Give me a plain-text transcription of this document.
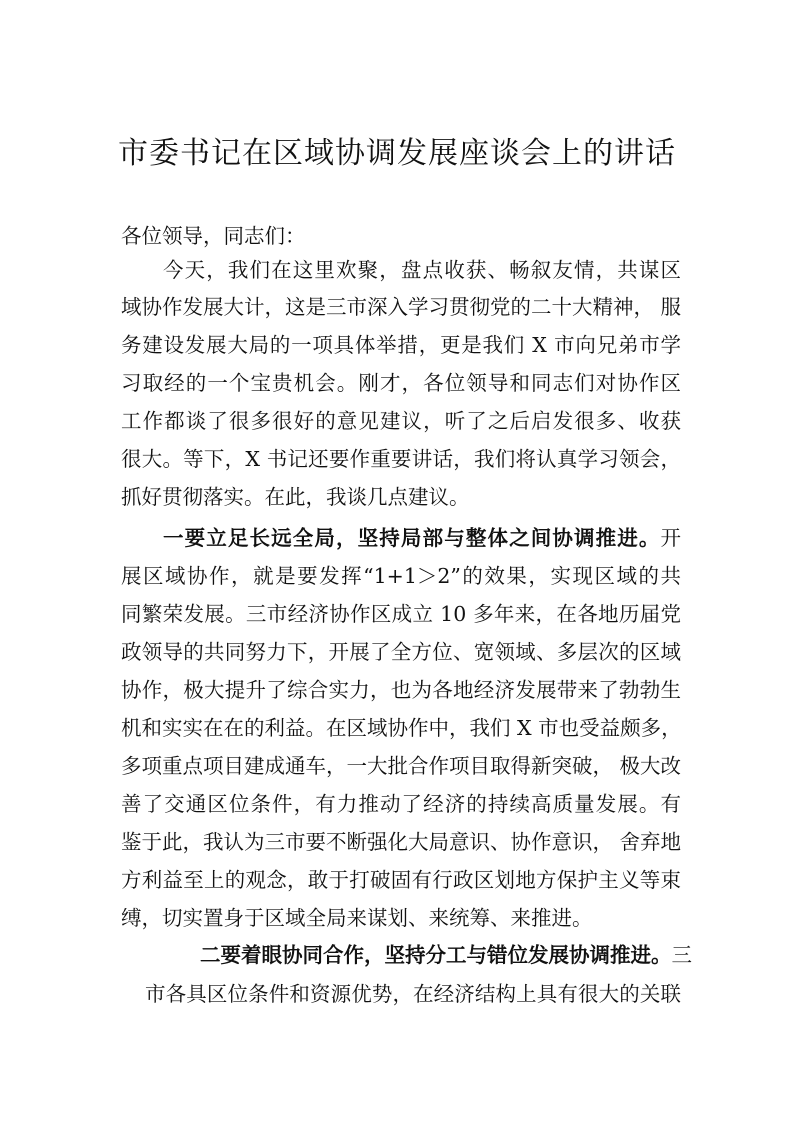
市委书记在区域协调发展座谈会上的讲话
各位领导，同志们：
今天，我们在这里欢聚，盘点收获、畅叙友情，共谋区
域协作发展大计，这是三市深入学习贯彻党的二十大精神， 服
务建设发展大局的一项具体举措，更是我们 X 市向兄弟市学
习取经的一个宝贵机会。刚才，各位领导和同志们对协作区
工作都谈了很多很好的意见建议，听了之后启发很多、收获
很大。等下，X 书记还要作重要讲话，我们将认真学习领会，
抓好贯彻落实。在此，我谈几点建议。
一要立足长远全局，坚持局部与整体之间协调推进。开
展区域协作，就是要发挥“1+1＞2”的效果，实现区域的共
同繁荣发展。三市经济协作区成立 10 多年来，在各地历届党
政领导的共同努力下，开展了全方位、宽领域、多层次的区域
协作，极大提升了综合实力，也为各地经济发展带来了勃勃生
机和实实在在的利益。在区域协作中，我们 X 市也受益颇多，
多项重点项目建成通车，一大批合作项目取得新突破， 极大改
善了交通区位条件，有力推动了经济的持续高质量发展。有
鉴于此，我认为三市要不断强化大局意识、协作意识， 舍弃地
方利益至上的观念，敢于打破固有行政区划地方保护主义等束
缚，切实置身于区域全局来谋划、来统筹、来推进。
二要着眼协同合作，坚持分工与错位发展协调推进。三
市各具区位条件和资源优势，在经济结构上具有很大的关联
